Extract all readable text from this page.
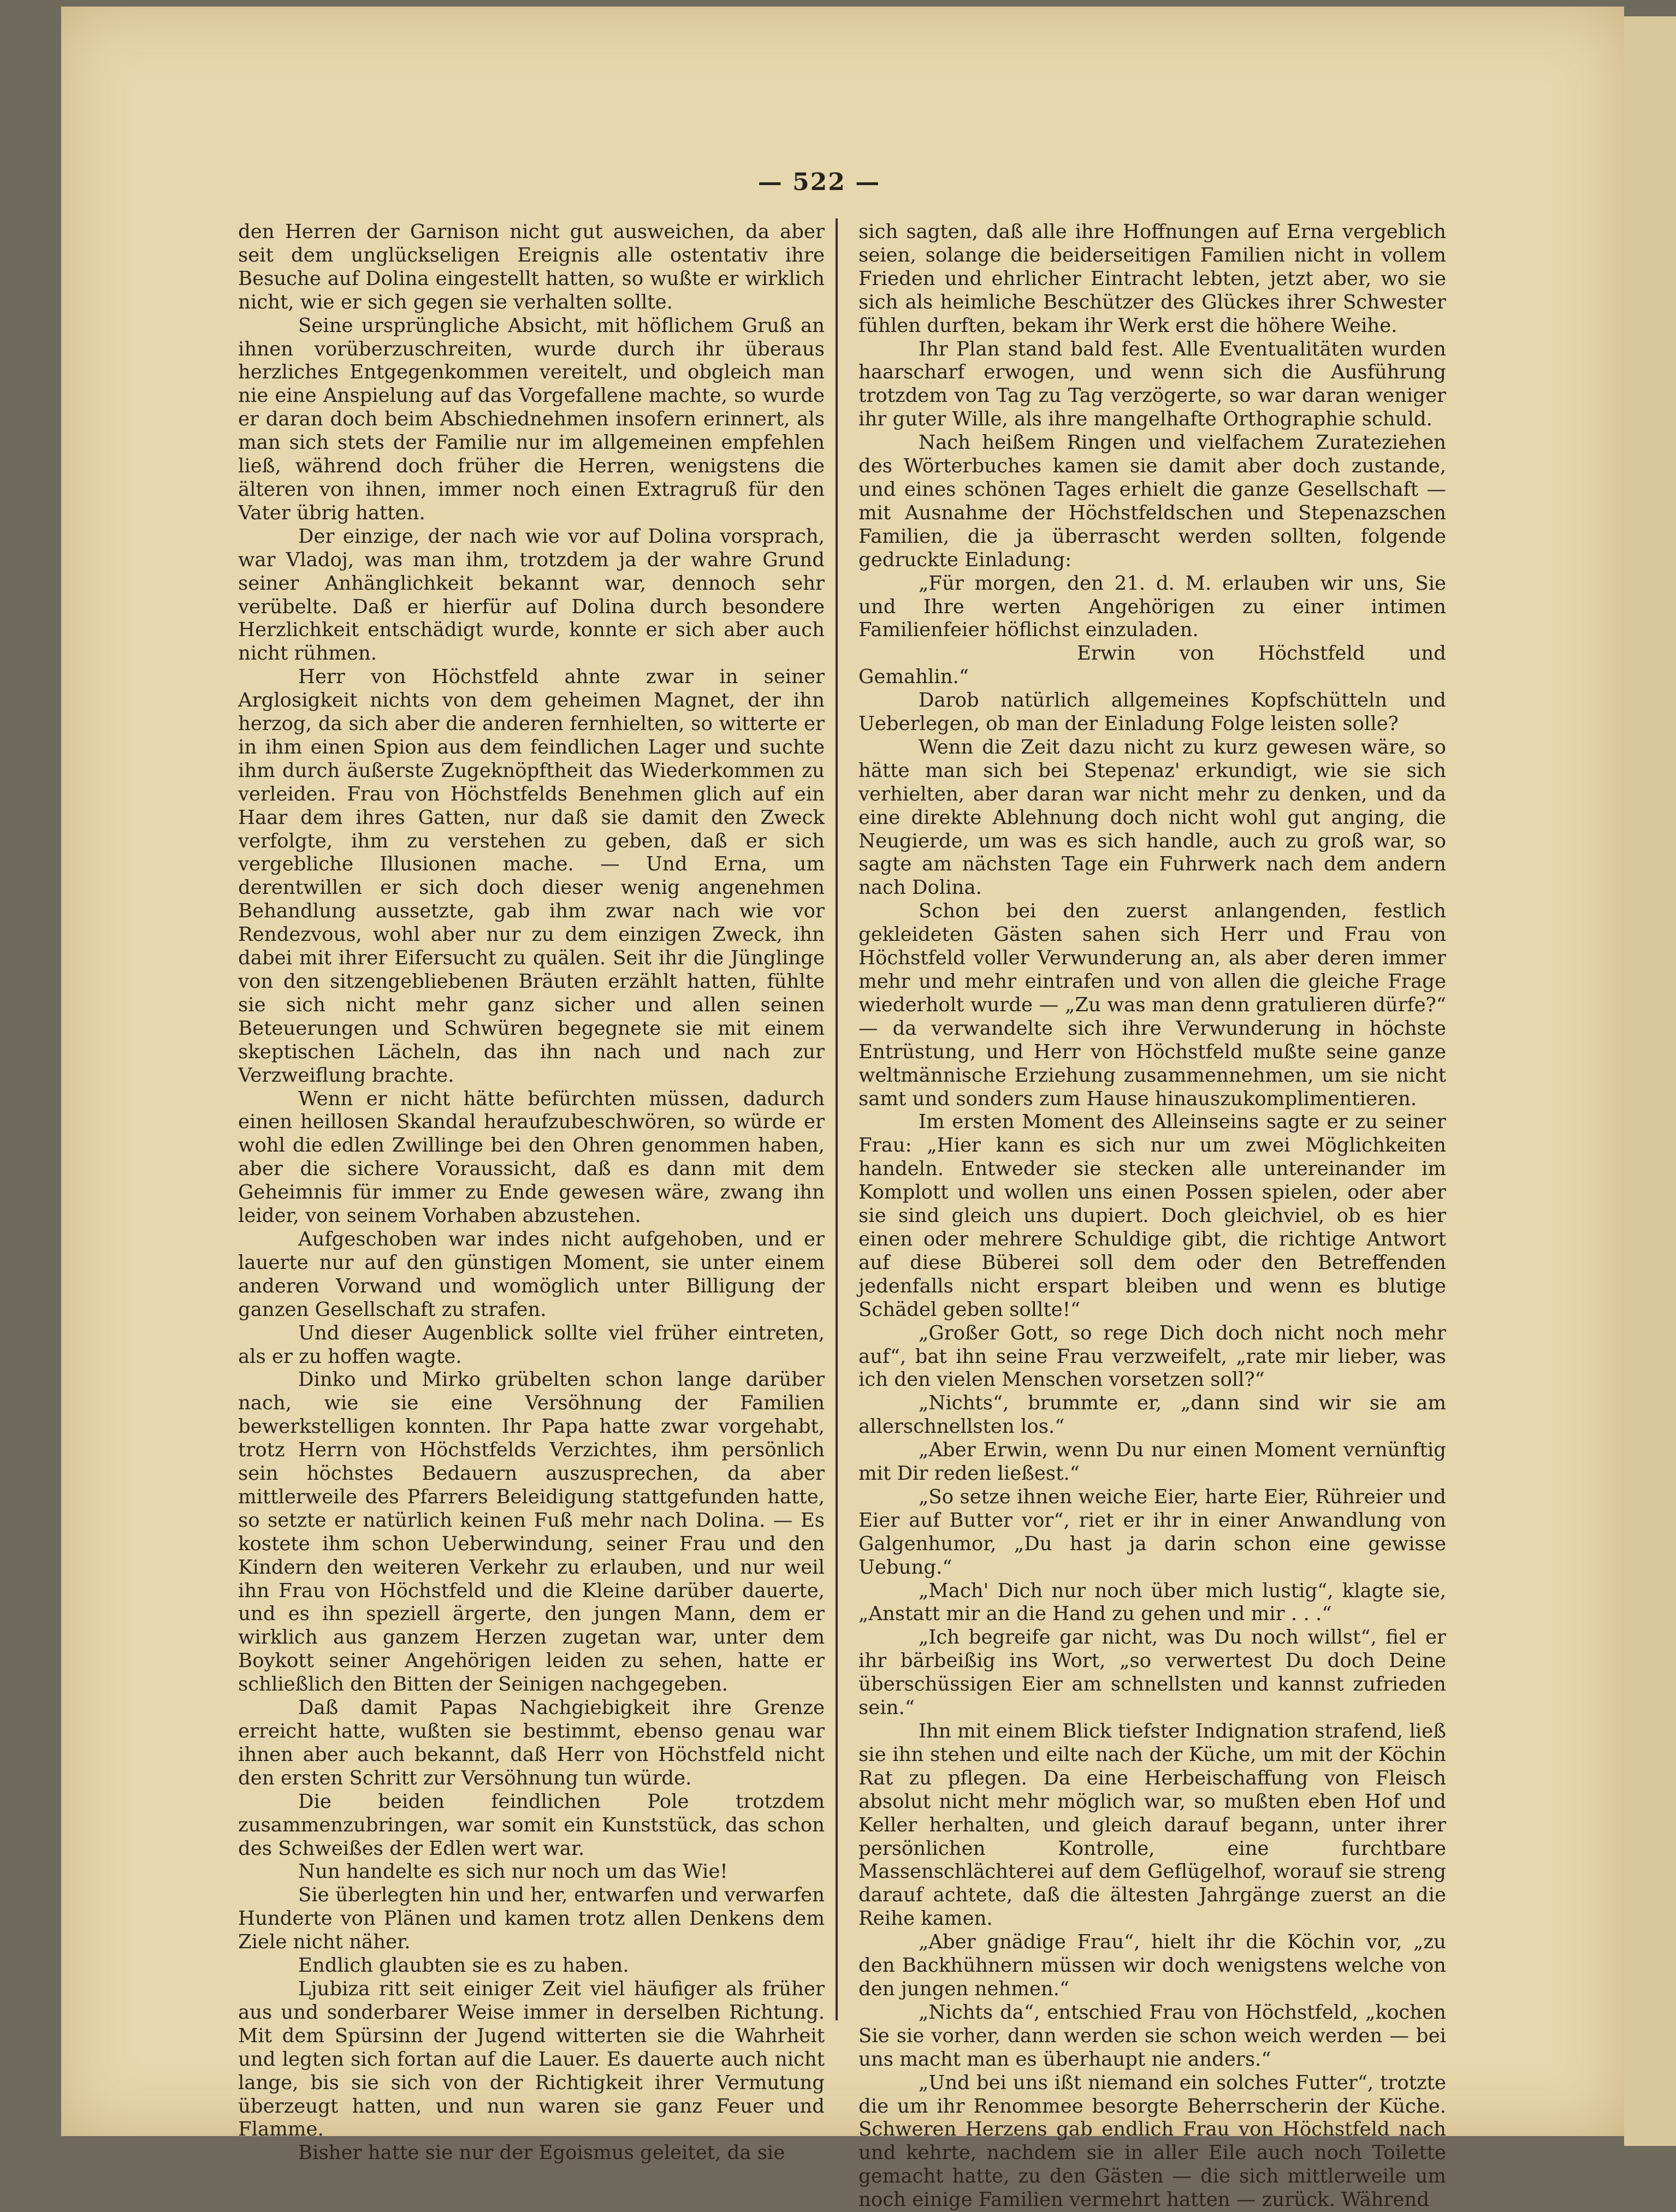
— 522 —

den Herren der Garnison nicht gut ausweichen, da aber seit dem unglückseligen Ereignis alle ostentativ ihre Besuche auf Dolina eingestellt hatten, so wußte er wirklich nicht, wie er sich gegen sie verhalten sollte.

Seine ursprüngliche Absicht, mit höflichem Gruß an ihnen vorüberzuschreiten, wurde durch ihr überaus herzliches Entgegenkommen vereitelt, und obgleich man nie eine Anspielung auf das Vorgefallene machte, so wurde er daran doch beim Abschiednehmen insofern erinnert, als man sich stets der Familie nur im allgemeinen empfehlen ließ, während doch früher die Herren, wenigstens die älteren von ihnen, immer noch einen Extragruß für den Vater übrig hatten.

Der einzige, der nach wie vor auf Dolina vorsprach, war Vladoj, was man ihm, trotzdem ja der wahre Grund seiner Anhänglichkeit bekannt war, dennoch sehr verübelte. Daß er hierfür auf Dolina durch besondere Herzlichkeit entschädigt wurde, konnte er sich aber auch nicht rühmen.

Herr von Höchstfeld ahnte zwar in seiner Arglosigkeit nichts von dem geheimen Magnet, der ihn herzog, da sich aber die anderen fernhielten, so witterte er in ihm einen Spion aus dem feindlichen Lager und suchte ihm durch äußerste Zugeknöpftheit das Wiederkommen zu verleiden. Frau von Höchstfelds Benehmen glich auf ein Haar dem ihres Gatten, nur daß sie damit den Zweck verfolgte, ihm zu verstehen zu geben, daß er sich vergebliche Illusionen mache. — Und Erna, um derentwillen er sich doch dieser wenig angenehmen Behandlung aussetzte, gab ihm zwar nach wie vor Rendezvous, wohl aber nur zu dem einzigen Zweck, ihn dabei mit ihrer Eifersucht zu quälen. Seit ihr die Jünglinge von den sitzengebliebenen Bräuten erzählt hatten, fühlte sie sich nicht mehr ganz sicher und allen seinen Beteuerungen und Schwüren begegnete sie mit einem skeptischen Lächeln, das ihn nach und nach zur Verzweiflung brachte.

Wenn er nicht hätte befürchten müssen, dadurch einen heillosen Skandal heraufzubeschwören, so würde er wohl die edlen Zwillinge bei den Ohren genommen haben, aber die sichere Voraussicht, daß es dann mit dem Geheimnis für immer zu Ende gewesen wäre, zwang ihn leider, von seinem Vorhaben abzustehen.

Aufgeschoben war indes nicht aufgehoben, und er lauerte nur auf den günstigen Moment, sie unter einem anderen Vorwand und womöglich unter Billigung der ganzen Gesellschaft zu strafen.

Und dieser Augenblick sollte viel früher eintreten, als er zu hoffen wagte.

Dinko und Mirko grübelten schon lange darüber nach, wie sie eine Versöhnung der Familien bewerkstelligen konnten. Ihr Papa hatte zwar vorgehabt, trotz Herrn von Höchstfelds Verzichtes, ihm persönlich sein höchstes Bedauern auszusprechen, da aber mittlerweile des Pfarrers Beleidigung stattgefunden hatte, so setzte er natürlich keinen Fuß mehr nach Dolina. — Es kostete ihm schon Ueberwindung, seiner Frau und den Kindern den weiteren Verkehr zu erlauben, und nur weil ihn Frau von Höchstfeld und die Kleine darüber dauerte, und es ihn speziell ärgerte, den jungen Mann, dem er wirklich aus ganzem Herzen zugetan war, unter dem Boykott seiner Angehörigen leiden zu sehen, hatte er schließlich den Bitten der Seinigen nachgegeben.

Daß damit Papas Nachgiebigkeit ihre Grenze erreicht hatte, wußten sie bestimmt, ebenso genau war ihnen aber auch bekannt, daß Herr von Höchstfeld nicht den ersten Schritt zur Versöhnung tun würde.

Die beiden feindlichen Pole trotzdem zusammenzubringen, war somit ein Kunststück, das schon des Schweißes der Edlen wert war.

Nun handelte es sich nur noch um das Wie!

Sie überlegten hin und her, entwarfen und verwarfen Hunderte von Plänen und kamen trotz allen Denkens dem Ziele nicht näher.

Endlich glaubten sie es zu haben.

Ljubiza ritt seit einiger Zeit viel häufiger als früher aus und sonderbarer Weise immer in derselben Richtung. Mit dem Spürsinn der Jugend witterten sie die Wahrheit und legten sich fortan auf die Lauer. Es dauerte auch nicht lange, bis sie sich von der Richtigkeit ihrer Vermutung überzeugt hatten, und nun waren sie ganz Feuer und Flamme.

Bisher hatte sie nur der Egoismus geleitet, da sie

sich sagten, daß alle ihre Hoffnungen auf Erna vergeblich seien, solange die beiderseitigen Familien nicht in vollem Frieden und ehrlicher Eintracht lebten, jetzt aber, wo sie sich als heimliche Beschützer des Glückes ihrer Schwester fühlen durften, bekam ihr Werk erst die höhere Weihe.

Ihr Plan stand bald fest. Alle Eventualitäten wurden haarscharf erwogen, und wenn sich die Ausführung trotzdem von Tag zu Tag verzögerte, so war daran weniger ihr guter Wille, als ihre mangelhafte Orthographie schuld.

Nach heißem Ringen und vielfachem Zurateziehen des Wörterbuches kamen sie damit aber doch zustande, und eines schönen Tages erhielt die ganze Gesellschaft — mit Ausnahme der Höchstfeldschen und Stepenazschen Familien, die ja überrascht werden sollten, folgende gedruckte Einladung:

„Für morgen, den 21. d. M. erlauben wir uns, Sie und Ihre werten Angehörigen zu einer intimen Familienfeier höflichst einzuladen.

Erwin von Höchstfeld und Gemahlin.“

Darob natürlich allgemeines Kopfschütteln und Ueberlegen, ob man der Einladung Folge leisten solle?

Wenn die Zeit dazu nicht zu kurz gewesen wäre, so hätte man sich bei Stepenaz' erkundigt, wie sie sich verhielten, aber daran war nicht mehr zu denken, und da eine direkte Ablehnung doch nicht wohl gut anging, die Neugierde, um was es sich handle, auch zu groß war, so sagte am nächsten Tage ein Fuhrwerk nach dem andern nach Dolina.

Schon bei den zuerst anlangenden, festlich gekleideten Gästen sahen sich Herr und Frau von Höchstfeld voller Verwunderung an, als aber deren immer mehr und mehr eintrafen und von allen die gleiche Frage wiederholt wurde — „Zu was man denn gratulieren dürfe?“ — da verwandelte sich ihre Verwunderung in höchste Entrüstung, und Herr von Höchstfeld mußte seine ganze weltmännische Erziehung zusammennehmen, um sie nicht samt und sonders zum Hause hinauszukomplimentieren.

Im ersten Moment des Alleinseins sagte er zu seiner Frau: „Hier kann es sich nur um zwei Möglichkeiten handeln. Entweder sie stecken alle untereinander im Komplott und wollen uns einen Possen spielen, oder aber sie sind gleich uns dupiert. Doch gleichviel, ob es hier einen oder mehrere Schuldige gibt, die richtige Antwort auf diese Büberei soll dem oder den Betreffenden jedenfalls nicht erspart bleiben und wenn es blutige Schädel geben sollte!“

„Großer Gott, so rege Dich doch nicht noch mehr auf“, bat ihn seine Frau verzweifelt, „rate mir lieber, was ich den vielen Menschen vorsetzen soll?“

„Nichts“, brummte er, „dann sind wir sie am allerschnellsten los.“

„Aber Erwin, wenn Du nur einen Moment vernünftig mit Dir reden ließest.“

„So setze ihnen weiche Eier, harte Eier, Rühreier und Eier auf Butter vor“, riet er ihr in einer Anwandlung von Galgenhumor, „Du hast ja darin schon eine gewisse Uebung.“

„Mach' Dich nur noch über mich lustig“, klagte sie, „Anstatt mir an die Hand zu gehen und mir . . .“

„Ich begreife gar nicht, was Du noch willst“, fiel er ihr bärbeißig ins Wort, „so verwertest Du doch Deine überschüssigen Eier am schnellsten und kannst zufrieden sein.“

Ihn mit einem Blick tiefster Indignation strafend, ließ sie ihn stehen und eilte nach der Küche, um mit der Köchin Rat zu pflegen. Da eine Herbeischaffung von Fleisch absolut nicht mehr möglich war, so mußten eben Hof und Keller herhalten, und gleich darauf begann, unter ihrer persönlichen Kontrolle, eine furchtbare Massenschlächterei auf dem Geflügelhof, worauf sie streng darauf achtete, daß die ältesten Jahrgänge zuerst an die Reihe kamen.

„Aber gnädige Frau“, hielt ihr die Köchin vor, „zu den Backhühnern müssen wir doch wenigstens welche von den jungen nehmen.“

„Nichts da“, entschied Frau von Höchstfeld, „kochen Sie sie vorher, dann werden sie schon weich werden — bei uns macht man es überhaupt nie anders.“

„Und bei uns ißt niemand ein solches Futter“, trotzte die um ihr Renommee besorgte Beherrscherin der Küche. Schweren Herzens gab endlich Frau von Höchstfeld nach und kehrte, nachdem sie in aller Eile auch noch Toilette gemacht hatte, zu den Gästen — die sich mittlerweile um noch einige Familien vermehrt hatten — zurück. Während
